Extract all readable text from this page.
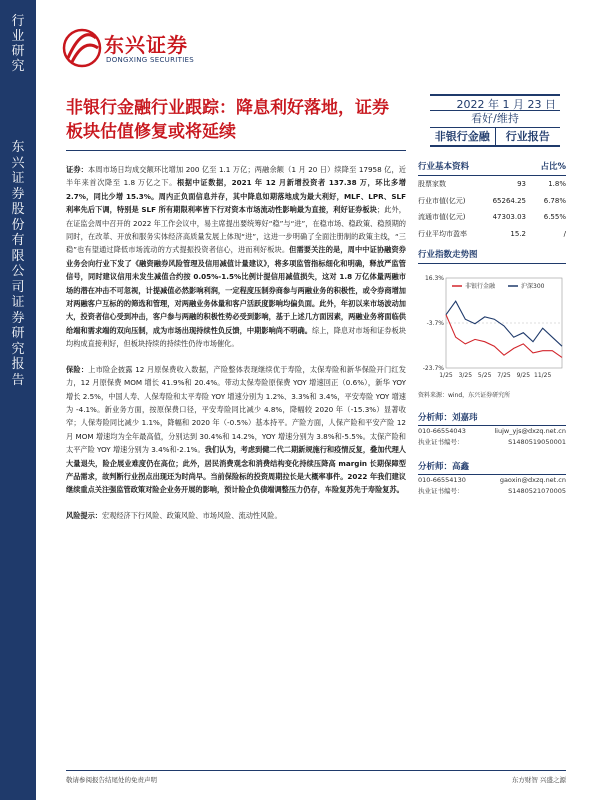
行业研究
东兴证券股份有限公司证券研究报告
东兴证券
DONGXING SECURITIES
非银行金融行业跟踪：降息利好落地，证券板块估值修复或将延续
2022 年 1 月 23 日
看好/维持
非银行金融	行业报告

证券：本周市场日均成交额环比增加 200 亿至 1.1 万亿；两融余额（1 月 20 日）续降至 17958 亿，近半年来首次降至 1.8 万亿之下。根据中证数据，2021 年 12 月新增投资者 137.38 万，环比多增 2.7%，同比少增 15.3%。周内正负面信息并存，其中降息如期落地成为最大利好，MLF、LPR、SLF 利率先后下调，特别是 SLF 所有期限利率皆下行对资本市场流动性影响最为直接，利好证券板块；此外，在证监会周中召开的 2022 年工作会议中，易主席提出要统筹好“稳”与“进”，在稳市场、稳政策、稳预期的同时，在改革、开放和服务实体经济高质量发展上体现“进”，这进一步明确了全面注册制的政策主线，“三稳”也有望通过降低市场流动的方式提振投资者信心，进而利好板块。但需要关注的是，周中中证协融资券业务会向行业下发了《融资融券风险管理及信用减值计量建议》，将多项监管指标细化和明确，释放严监管信号，同时建议信用未发生减值合约按 0.05%-1.5%比例计提信用减值损失，这对 1.8 万亿体量两融市场的潜在冲击不可忽视，计提减值必然影响利润，一定程度压制券商参与两融业务的积极性，或令券商增加对两融客户互标的的筛选和管理，对两融业务体量和客户活跃度影响均偏负面。此外，年初以来市场波动加大，投资者信心受到冲击，客户参与两融的积极性势必受到影响，基于上述几方面因素，两融业务将面临供给端和需求端的双向压制，成为市场出现持续性负反馈，中期影响尚不明确。综上，降息对市场和证券板块均构成直接利好，但板块持续的持续性仍待市场催化。

保险：上市险企披露 12 月原保费收入数据，产险整体表现继续优于寿险，太保寿险和新华保险开门红发力，12 月原保费 MOM 增长 41.9%和 20.4%。带动太保寿险原保费 YOY 增速回正（0.6%），新华 YOY 增长 2.5%，中国人寿、人保寿险和太平寿险 YOY 增速分别为 1.2%、3.3%和 3.4%，平安寿险 YOY 增速为 -4.1%。新业务方面，按原保费口径，平安寿险同比减少 4.8%，降幅较 2020 年（-15.3%）显著收窄；人保寿险同比减少 1.1%，降幅和 2020 年（-0.5%）基本持平。产险方面，人保产险和平安产险 12 月 MOM 增速均为全年最高值，分别达到 30.4%和 14.2%，YOY 增速分别为 3.8%和-5.5%。太保产险和太平产险 YOY 增速分别为 3.4%和-2.1%。我们认为，考虑到健二代二期新规施行和疫情反复，叠加代理人大量退失，险企展业难度仍在高位；此外，居民消费观念和消费结构变化持续压降高 margin 长期保障型产品需求，故判断行业拐点出现还为时尚早。当前保险标的投资周期拉长是大概率事件。2022 年我们建议继续重点关注强监管政策对险企业务开展的影响，预计险企负债端调整压力仍存，车险复苏先于寿险复苏。

风险提示：宏观经济下行风险、政策风险、市场风险、流动性风险。

行业基本资料	占比%
股票家数	93	1.8%
行业市值(亿元)	65264.25	6.78%
流通市值(亿元)	47303.03	6.55%
行业平均市盈率	15.2	/
行业指数走势图
16.3%
-3.7%
-23.7%
1/25 3/25 5/25 7/25 9/25 11/25
非银行金融	沪深300
资料来源：wind，东兴证券研究所
分析师：刘嘉玮
010-66554043	liujw_yjs@dxzq.net.cn
执业证书编号：	S1480519050001
分析师：高鑫
010-66554130	gaoxin@dxzq.net.cn
执业证书编号：	S1480521070005
敬请参阅报告结尾处的免责声明	东方财智 兴盛之源
